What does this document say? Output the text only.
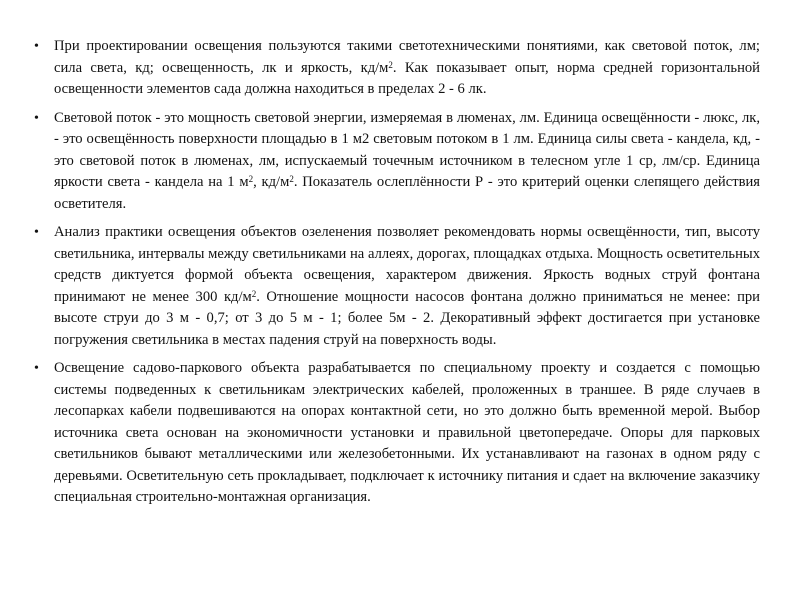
• При проектировании освещения пользуются такими светотехническими понятиями, как световой поток, лм; сила света, кд; освещенность, лк и яркость, $кд/м^2$. Как показывает опыт, норма средней горизонтальной освещенности элементов сада должна находиться в пределах 2 - 6 лк.
• Световой поток - это мощность световой энергии, измеряемая в люменах, лм. Единица освещённости - люкс, лк, - это освещённость поверхности площадью в 1 м2 световым потоком в 1 лм. Единица силы света - кандела, кд, - это световой поток в люменах, лм, испускаемый точечным источником в телесном угле 1 ср, лм/ср. Единица яркости света - кандела на 1 $м^2$, $кд/м^2$. Показатель ослеплённости Р - это критерий оценки слепящего действия осветителя.
• Анализ практики освещения объектов озеленения позволяет рекомендовать нормы освещённости, тип, высоту светильника, интервалы между светильниками на аллеях, дорогах, площадках отдыха. Мощность осветительных средств диктуется формой объекта освещения, характером движения. Яркость водных струй фонтана принимают не менее 300 $кд/м^2$. Отношение мощности насосов фонтана должно приниматься не менее: при высоте струи до 3 м - 0,7; от 3 до 5 м - 1; более 5м - 2. Декоративный эффект достигается при установке погружения светильника в местах падения струй на поверхность воды.
• Освещение садово-паркового объекта разрабатывается по специальному проекту и создается с помощью системы подведенных к светильникам электрических кабелей, проложенных в траншее. В ряде случаев в лесопарках кабели подвешиваются на опорах контактной сети, но это должно быть временной мерой. Выбор источника света основан на экономичности установки и правильной цветопередаче. Опоры для парковых светильников бывают металлическими или железобетонными. Их устанавливают на газонах в одном ряду с деревьями. Осветительную сеть прокладывает, подключает к источнику питания и сдает на включение заказчику специальная строительно-монтажная организация.
